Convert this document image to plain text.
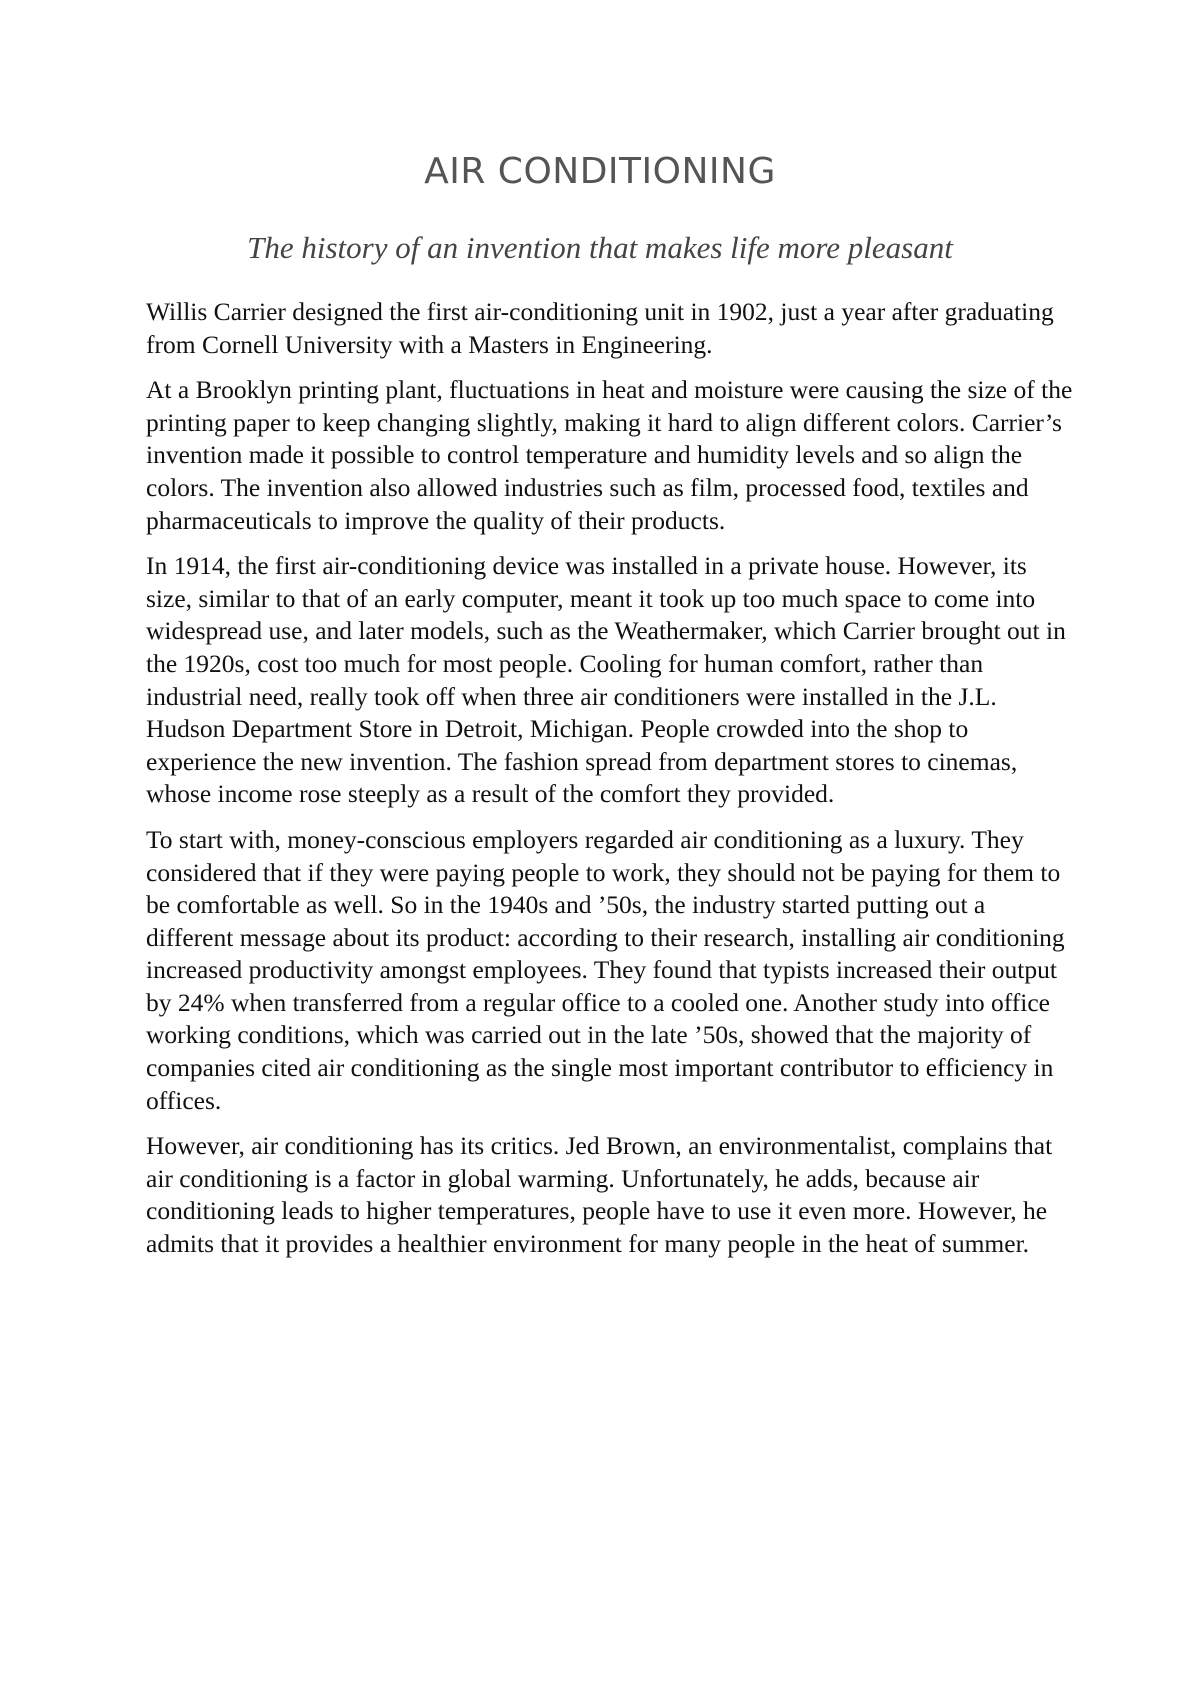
AIR CONDITIONING
The history of an invention that makes life more pleasant

Willis Carrier designed the first air-conditioning unit in 1902, just a year after graduating from Cornell University with a Masters in Engineering.

At a Brooklyn printing plant, fluctuations in heat and moisture were causing the size of the printing paper to keep changing slightly, making it hard to align different colors. Carrier’s invention made it possible to control temperature and humidity levels and so align the colors. The invention also allowed industries such as film, processed food, textiles and pharmaceuticals to improve the quality of their products.

In 1914, the first air-conditioning device was installed in a private house. However, its size, similar to that of an early computer, meant it took up too much space to come into widespread use, and later models, such as the Weathermaker, which Carrier brought out in the 1920s, cost too much for most people. Cooling for human comfort, rather than industrial need, really took off when three air conditioners were installed in the J.L. Hudson Department Store in Detroit, Michigan. People crowded into the shop to experience the new invention. The fashion spread from department stores to cinemas, whose income rose steeply as a result of the comfort they provided.

To start with, money-conscious employers regarded air conditioning as a luxury. They considered that if they were paying people to work, they should not be paying for them to be comfortable as well. So in the 1940s and ’50s, the industry started putting out a different message about its product: according to their research, installing air conditioning increased productivity amongst employees. They found that typists increased their output by 24% when transferred from a regular office to a cooled one. Another study into office working conditions, which was carried out in the late ’50s, showed that the majority of companies cited air conditioning as the single most important contributor to efficiency in offices.

However, air conditioning has its critics. Jed Brown, an environmentalist, complains that air conditioning is a factor in global warming. Unfortunately, he adds, because air conditioning leads to higher temperatures, people have to use it even more. However, he admits that it provides a healthier environment for many people in the heat of summer.
